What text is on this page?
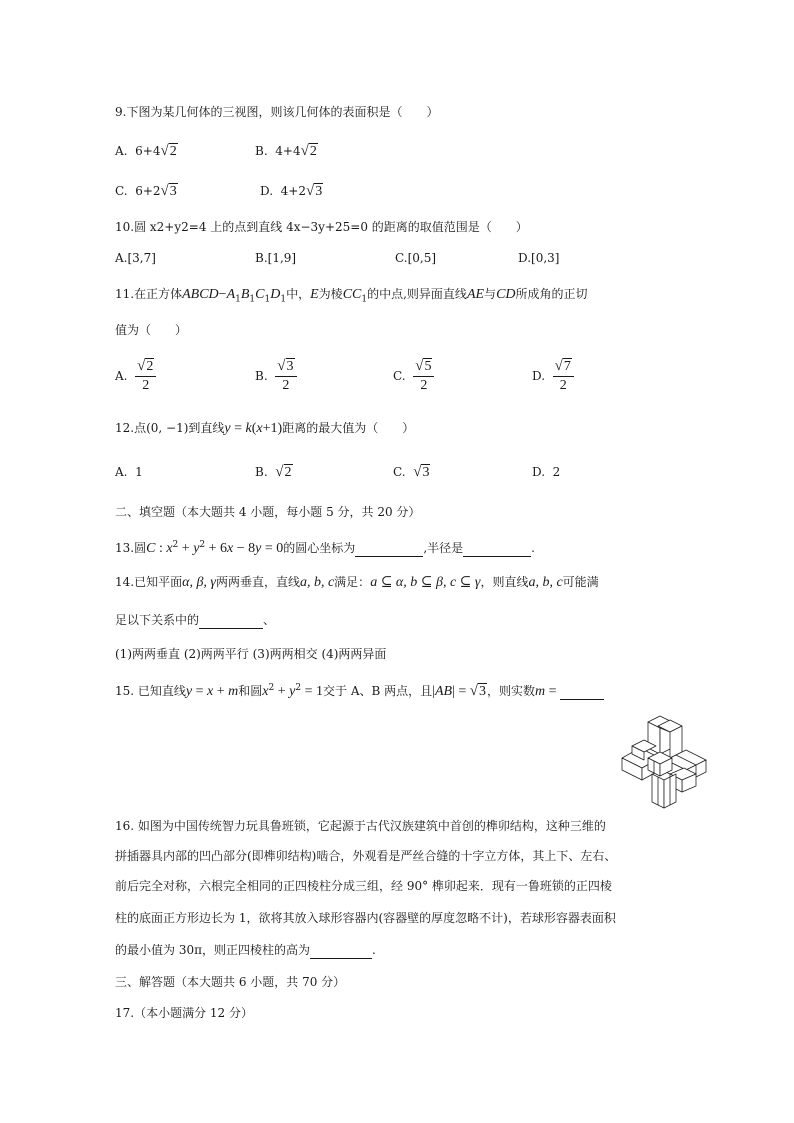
9.下图为某几何体的三视图，则该几何体的表面积是（　　）
A. 6+4√2	B. 4+4√2
C. 6+2√3	D. 4+2√3
10.圆 x2+y2=4 上的点到直线 4x−3y+25=0 的距离的取值范围是（　　）
A.[3,7]	B.[1,9]	C.[0,5]	D.[0,3]
11.在正方体$ABCD-A_1B_1C_1D_1$中，E为棱$CC_1$的中点,则异面直线AE与CD所成角的正切
值为（　　）
A. $\frac{√2}{2}$	B. $\frac{√3}{2}$	C. $\frac{√5}{2}$	D. $\frac{√7}{2}$
12.点(0, −1)到直线y = k(x+1)距离的最大值为（　　）
A. 1	B. √2	C. √3	D. 2
二、填空题（本大题共 4 小题，每小题 5 分，共 20 分）
13.圆C : $x^2 + y^2 + 6x - 8y = 0$的圆心坐标为	,半径是	.
14.已知平面α, β, γ两两垂直，直线a, b, c满足：a ⊆ α, b ⊆ β, c ⊆ γ，则直线a, b, c可能满
足以下关系中的	、
(1)两两垂直 (2)两两平行 (3)两两相交 (4)两两异面
15. 已知直线y = x + m和圆$x^2 + y^2 = 1$交于 A、B 两点，且|AB| = √3，则实数m =
16. 如图为中国传统智力玩具鲁班锁，它起源于古代汉族建筑中首创的榫卯结构，这种三维的
拼插器具内部的凹凸部分(即榫卯结构)啮合，外观看是严丝合缝的十字立方体，其上下、左右、
前后完全对称，六根完全相同的正四棱柱分成三组，经 90° 榫卯起来．现有一鲁班锁的正四棱
柱的底面正方形边长为 1，欲将其放入球形容器内(容器壁的厚度忽略不计)，若球形容器表面积
的最小值为 30π，则正四棱柱的高为	.
三、解答题（本大题共 6 小题，共 70 分）
17.（本小题满分 12 分）
